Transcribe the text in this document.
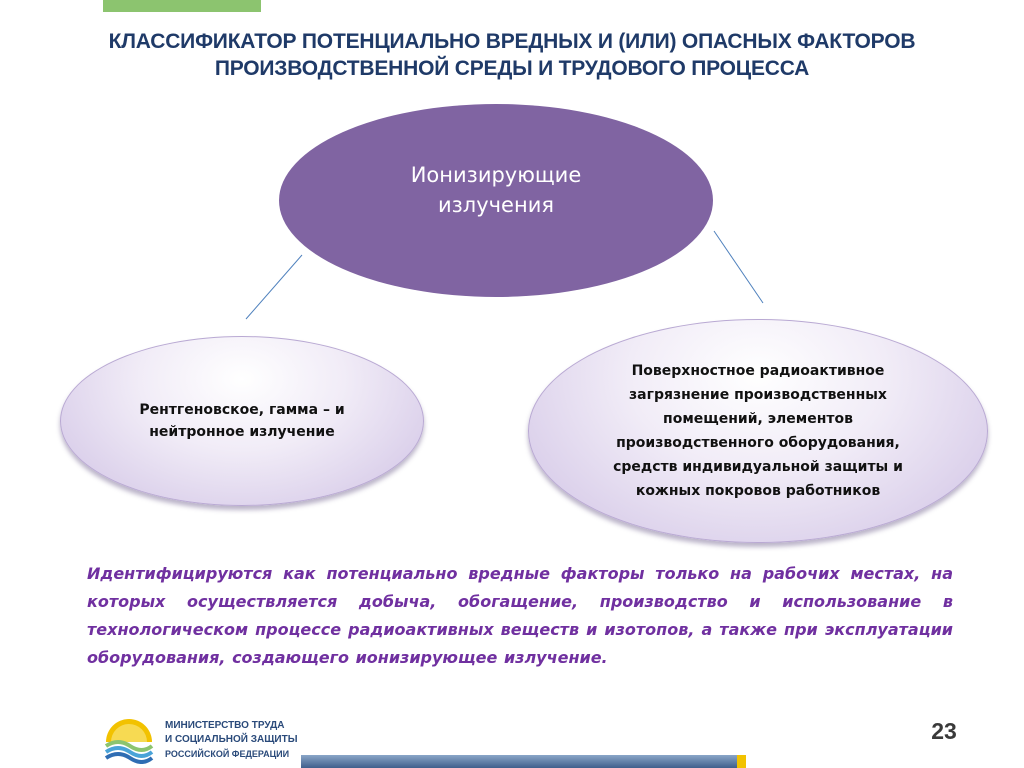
КЛАССИФИКАТОР ПОТЕНЦИАЛЬНО ВРЕДНЫХ И (ИЛИ) ОПАСНЫХ ФАКТОРОВ
ПРОИЗВОДСТВЕННОЙ СРЕДЫ И ТРУДОВОГО ПРОЦЕССА
Ионизирующие излучения
Рентгеновское, гамма – и нейтронное излучение
Поверхностное радиоактивное загрязнение производственных помещений, элементов производственного оборудования, средств индивидуальной защиты и кожных покровов работников
Идентифицируются как потенциально вредные факторы только на рабочих местах, на которых осуществляется добыча, обогащение, производство и использование в технологическом процессе радиоактивных веществ и изотопов, а также при эксплуатации оборудования, создающего ионизирующее излучение.
МИНИСТЕРСТВО ТРУДА
И СОЦИАЛЬНОЙ ЗАЩИТЫ
РОССИЙСКОЙ ФЕДЕРАЦИИ
23
